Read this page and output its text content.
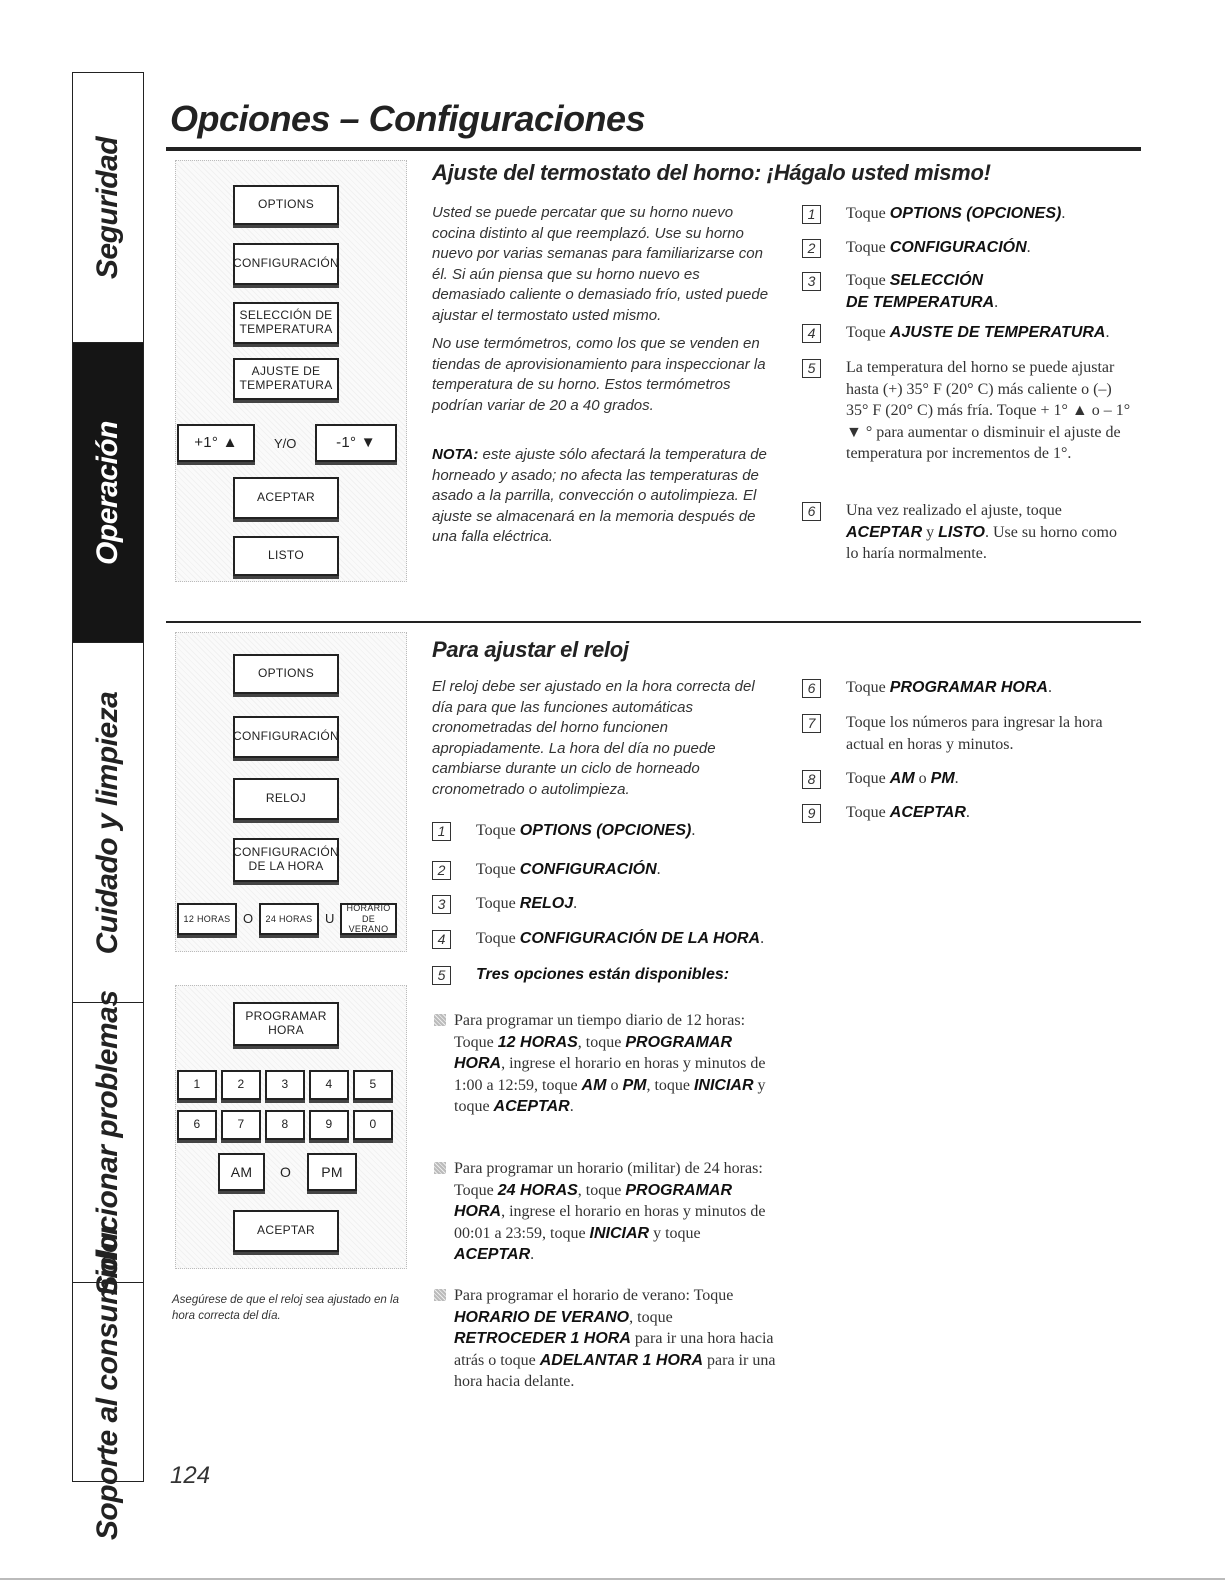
Seguridad
Operación
Cuidado y limpieza
Solucionar problemas
Soporte al consumidor
Opciones – Configuraciones
OPTIONS
CONFIGURACIÓN
SELECCIÓN DE
TEMPERATURA
AJUSTE DE
TEMPERATURA
+1° ▲	Y/O	-1° ▼
ACEPTAR
LISTO
Ajuste del termostato del horno: ¡Hágalo usted mismo!

Usted se puede percatar que su horno nuevo cocina distinto al que reemplazó. Use su horno nuevo por varias semanas para familiarizarse con él. Si aún piensa que su horno nuevo es demasiado caliente o demasiado frío, usted puede ajustar el termostato usted mismo.

No use termómetros, como los que se venden en tiendas de aprovisionamiento para inspeccionar la temperatura de su horno. Estos termómetros podrían variar de 20 a 40 grados.

NOTA: este ajuste sólo afectará la temperatura de horneado y asado; no afecta las temperaturas de asado a la parrilla, convección o autolimpieza. El ajuste se almacenará en la memoria después de una falla eléctrica.

1	Toque OPTIONS (OPCIONES).
2	Toque CONFIGURACIÓN.
3	Toque SELECCIÓN
DE TEMPERATURA.
4	Toque AJUSTE DE TEMPERATURA.
5	La temperatura del horno se puede ajustar hasta (+) 35° F (20° C) más caliente o (–) 35° F (20° C) más fría. Toque + 1° ▲ o – 1° ▼ ° para aumentar o disminuir el ajuste de temperatura por incrementos de 1°.
6	Una vez realizado el ajuste, toque ACEPTAR y LISTO. Use su horno como lo haría normalmente.
OPTIONS
CONFIGURACIÓN
RELOJ
CONFIGURACIÓN
DE LA HORA
12 HORAS O 24 HORAS U
HORARIO DE
VERANO
PROGRAMAR
HORA
AM O PM
ACEPTAR
Asegúrese de que el reloj sea ajustado en la hora correcta del día.
Para ajustar el reloj

El reloj debe ser ajustado en la hora correcta del día para que las funciones automáticas cronometradas del horno funcionen apropiadamente. La hora del día no puede cambiarse durante un ciclo de horneado cronometrado o autolimpieza.

1	Toque OPTIONS (OPCIONES).
2	Toque CONFIGURACIÓN.
3	Toque RELOJ.
4	Toque CONFIGURACIÓN DE LA HORA.
5	Tres opciones están disponibles:
Para programar un tiempo diario de 12 horas: Toque 12 HORAS, toque PROGRAMAR HORA, ingrese el horario en horas y minutos de 1:00 a 12:59, toque AM o PM, toque INICIAR y toque ACEPTAR.
Para programar un horario (militar) de 24 horas: Toque 24 HORAS, toque PROGRAMAR HORA, ingrese el horario en horas y minutos de 00:01 a 23:59, toque INICIAR y toque ACEPTAR.
Para programar el horario de verano: Toque HORARIO DE VERANO, toque RETROCEDER 1 HORA para ir una hora hacia atrás o toque ADELANTAR 1 HORA para ir una hora hacia delante.
6	Toque PROGRAMAR HORA.
7	Toque los números para ingresar la hora actual en horas y minutos.
8	Toque AM o PM.
9	Toque ACEPTAR.
124
1	2	3	4	5
6	7	8	9	0
